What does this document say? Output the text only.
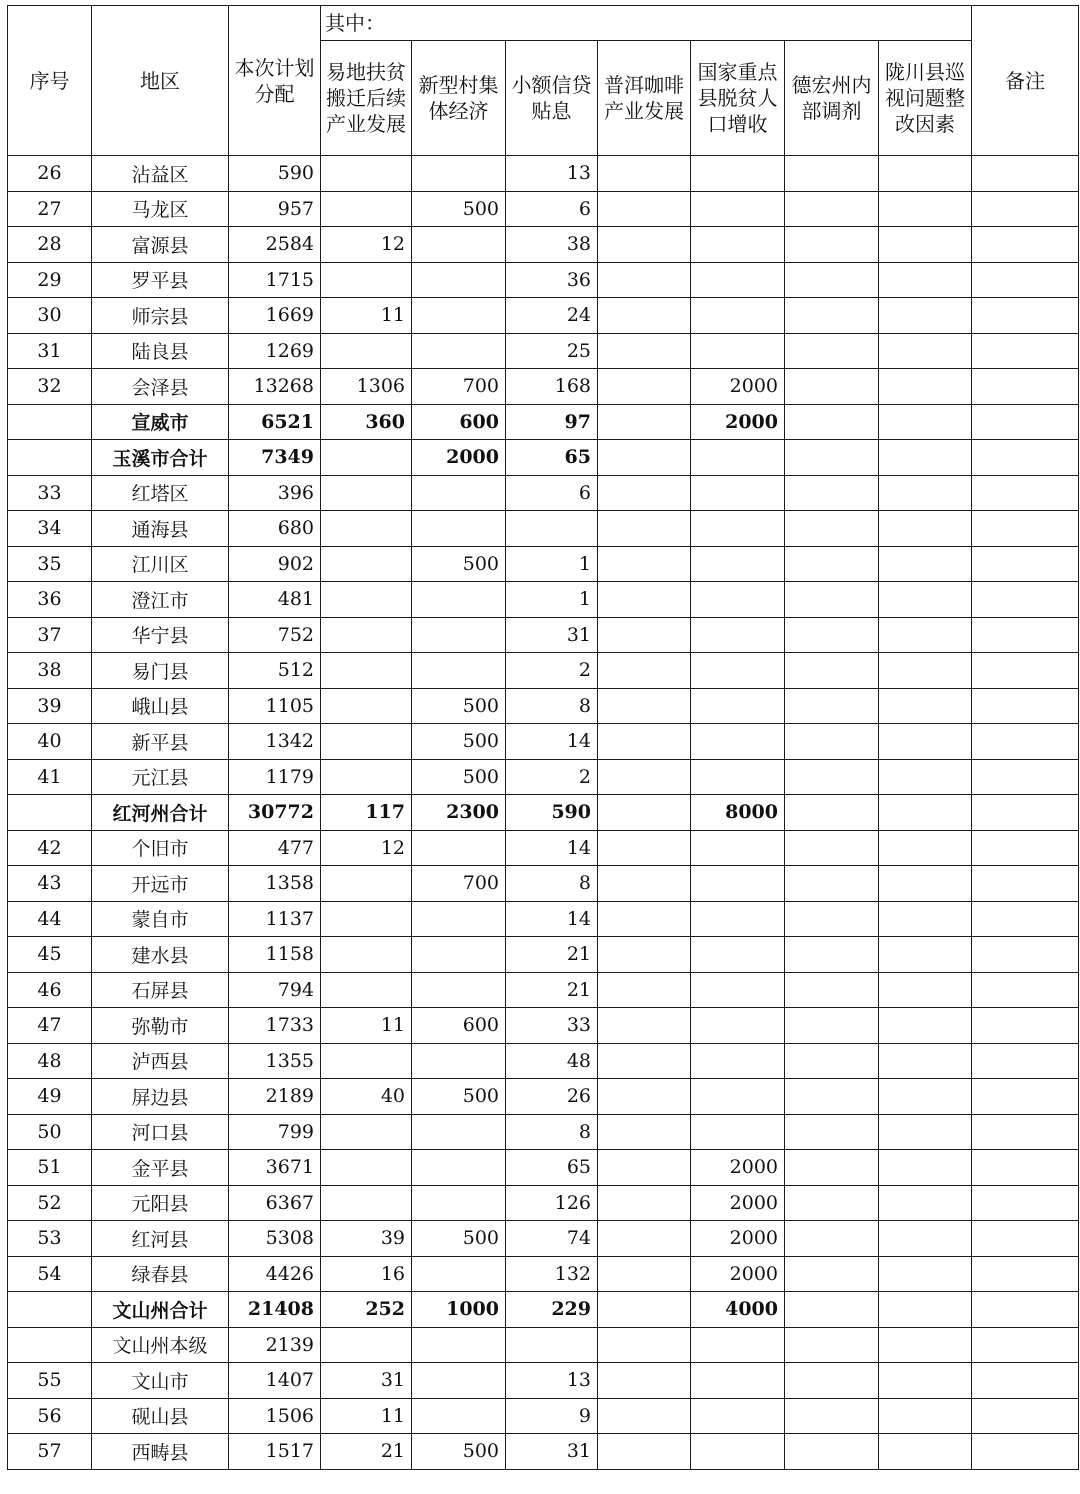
序号	地区	本次计划分配	其中：							备注
			易地扶贫搬迁后续产业发展	新型村集体经济	小额信贷贴息	普洱咖啡产业发展	国家重点县脱贫人口增收	德宏州内部调剂	陇川县巡视问题整改因素	
26	沾益区	590			13					
27	马龙区	957		500	6					
28	富源县	2584	12		38					
29	罗平县	1715			36					
30	师宗县	1669	11		24					
31	陆良县	1269			25					
32	会泽县	13268	1306	700	168		2000			
	宣威市	6521	360	600	97		2000			
	玉溪市合计	7349		2000	65					
33	红塔区	396			6					
34	通海县	680								
35	江川区	902		500	1					
36	澄江市	481			1					
37	华宁县	752			31					
38	易门县	512			2					
39	峨山县	1105		500	8					
40	新平县	1342		500	14					
41	元江县	1179		500	2					
	红河州合计	30772	117	2300	590		8000			
42	个旧市	477	12		14					
43	开远市	1358		700	8					
44	蒙自市	1137			14					
45	建水县	1158			21					
46	石屏县	794			21					
47	弥勒市	1733	11	600	33					
48	泸西县	1355			48					
49	屏边县	2189	40	500	26					
50	河口县	799			8					
51	金平县	3671			65		2000			
52	元阳县	6367			126		2000			
53	红河县	5308	39	500	74		2000			
54	绿春县	4426	16		132		2000			
	文山州合计	21408	252	1000	229		4000			
	文山州本级	2139								
55	文山市	1407	31		13					
56	砚山县	1506	11		9					
57	西畴县	1517	21	500	31					
